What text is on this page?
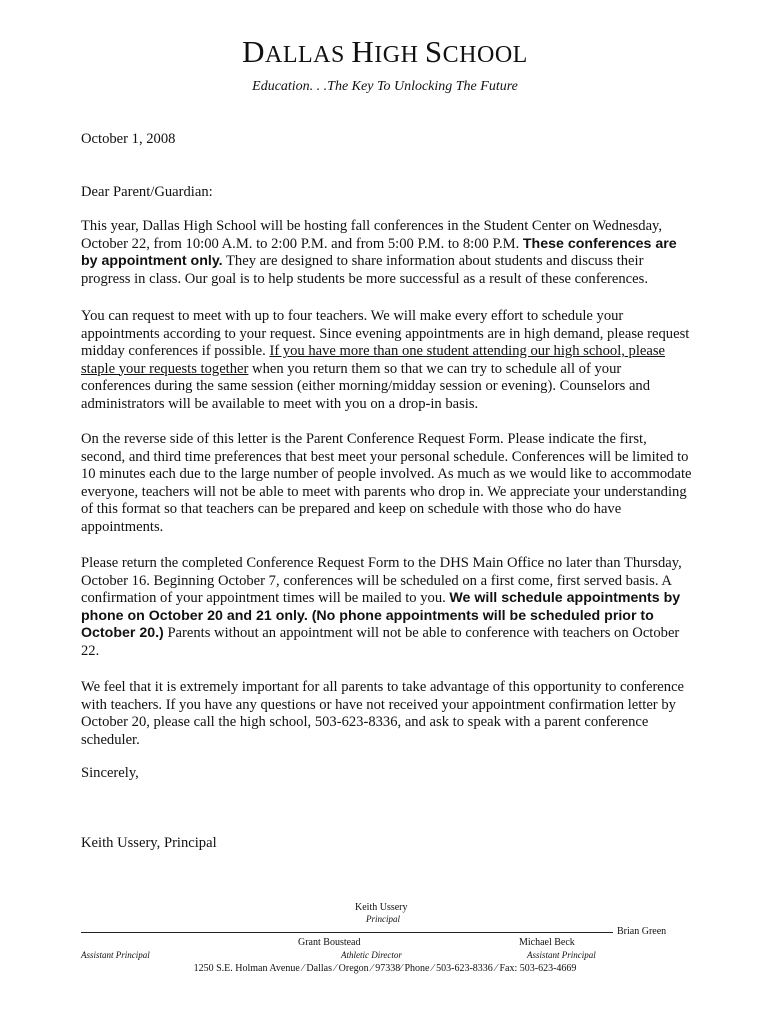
DALLAS HIGH SCHOOL
Education. . .The Key To Unlocking The Future
October 1, 2008
Dear Parent/Guardian:

This year, Dallas High School will be hosting fall conferences in the Student Center on Wednesday, October 22, from 10:00 A.M. to 2:00 P.M. and from 5:00 P.M. to 8:00 P.M. These conferences are by appointment only. They are designed to share information about students and discuss their progress in class. Our goal is to help students be more successful as a result of these conferences.

You can request to meet with up to four teachers. We will make every effort to schedule your appointments according to your request. Since evening appointments are in high demand, please request midday conferences if possible. If you have more than one student attending our high school, please staple your requests together when you return them so that we can try to schedule all of your conferences during the same session (either morning/midday session or evening). Counselors and administrators will be available to meet with you on a drop-in basis.

On the reverse side of this letter is the Parent Conference Request Form. Please indicate the first, second, and third time preferences that best meet your personal schedule. Conferences will be limited to 10 minutes each due to the large number of people involved. As much as we would like to accommodate everyone, teachers will not be able to meet with parents who drop in. We appreciate your understanding of this format so that teachers can be prepared and keep on schedule with those who do have appointments.

Please return the completed Conference Request Form to the DHS Main Office no later than Thursday, October 16. Beginning October 7, conferences will be scheduled on a first come, first served basis. A confirmation of your appointment times will be mailed to you. We will schedule appointments by phone on October 20 and 21 only. (No phone appointments will be scheduled prior to October 20.) Parents without an appointment will not be able to conference with teachers on October 22.

We feel that it is extremely important for all parents to take advantage of this opportunity to conference with teachers. If you have any questions or have not received your appointment confirmation letter by October 20, please call the high school, 503-623-8336, and ask to speak with a parent conference scheduler.

Sincerely,
Keith Ussery, Principal
Keith Ussery
Principal
Brian Green
Grant Boustead	Michael Beck
Assistant Principal	Athletic Director	Assistant Principal
1250 S.E. Holman Avenue ⁄ Dallas ⁄ Oregon ⁄ 97338⁄ Phone ⁄ 503-623-8336 ⁄ Fax: 503-623-4669
